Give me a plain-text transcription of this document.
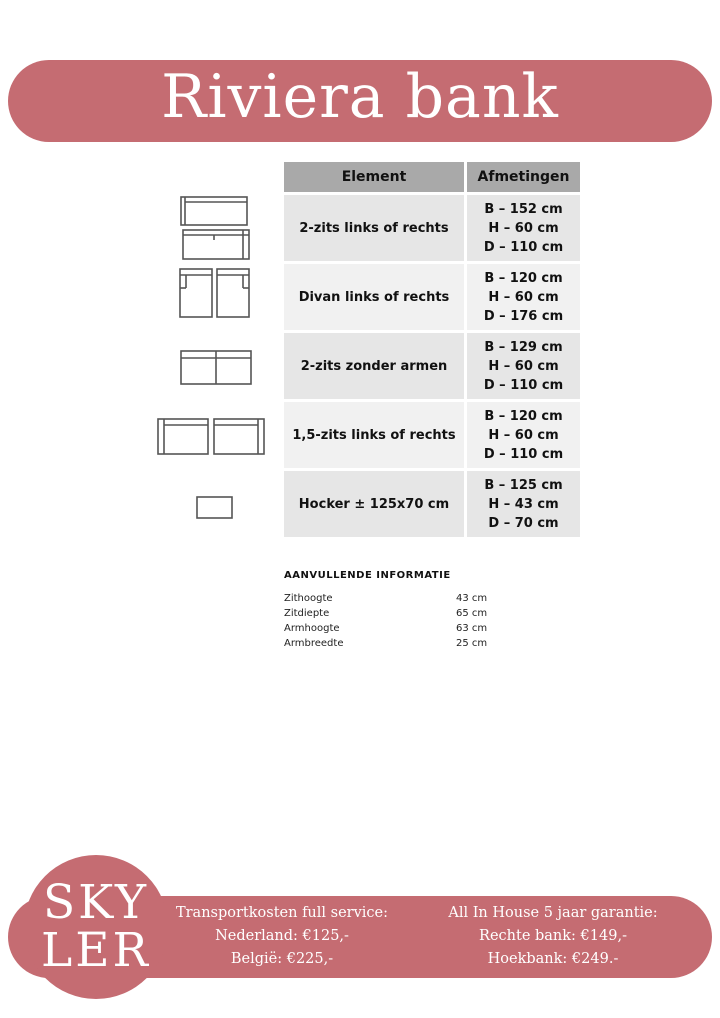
Riviera bank
Element	Afmetingen
2-zits links of rechts	B – 152 cm
H – 60 cm
D – 110 cm

Divan links of rechts	B – 120 cm
H – 60 cm
D – 176 cm

2-zits zonder armen	B – 129 cm
H – 60 cm
D – 110 cm

1,5-zits links of rechts	B – 120 cm
H – 60 cm
D – 110 cm

Hocker ± 125x70 cm	B – 125 cm
H – 43 cm
D – 70 cm
AANVULLENDE INFORMATIE
Zithoogte	43 cm
Zitdiepte	65 cm
Armhoogte	63 cm
Armbreedte	25 cm
SKY
LER
Transportkosten full service:
Nederland: €125,-
België: €225,-
All In House 5 jaar garantie:
Rechte bank: €149,-
Hoekbank: €249.-
